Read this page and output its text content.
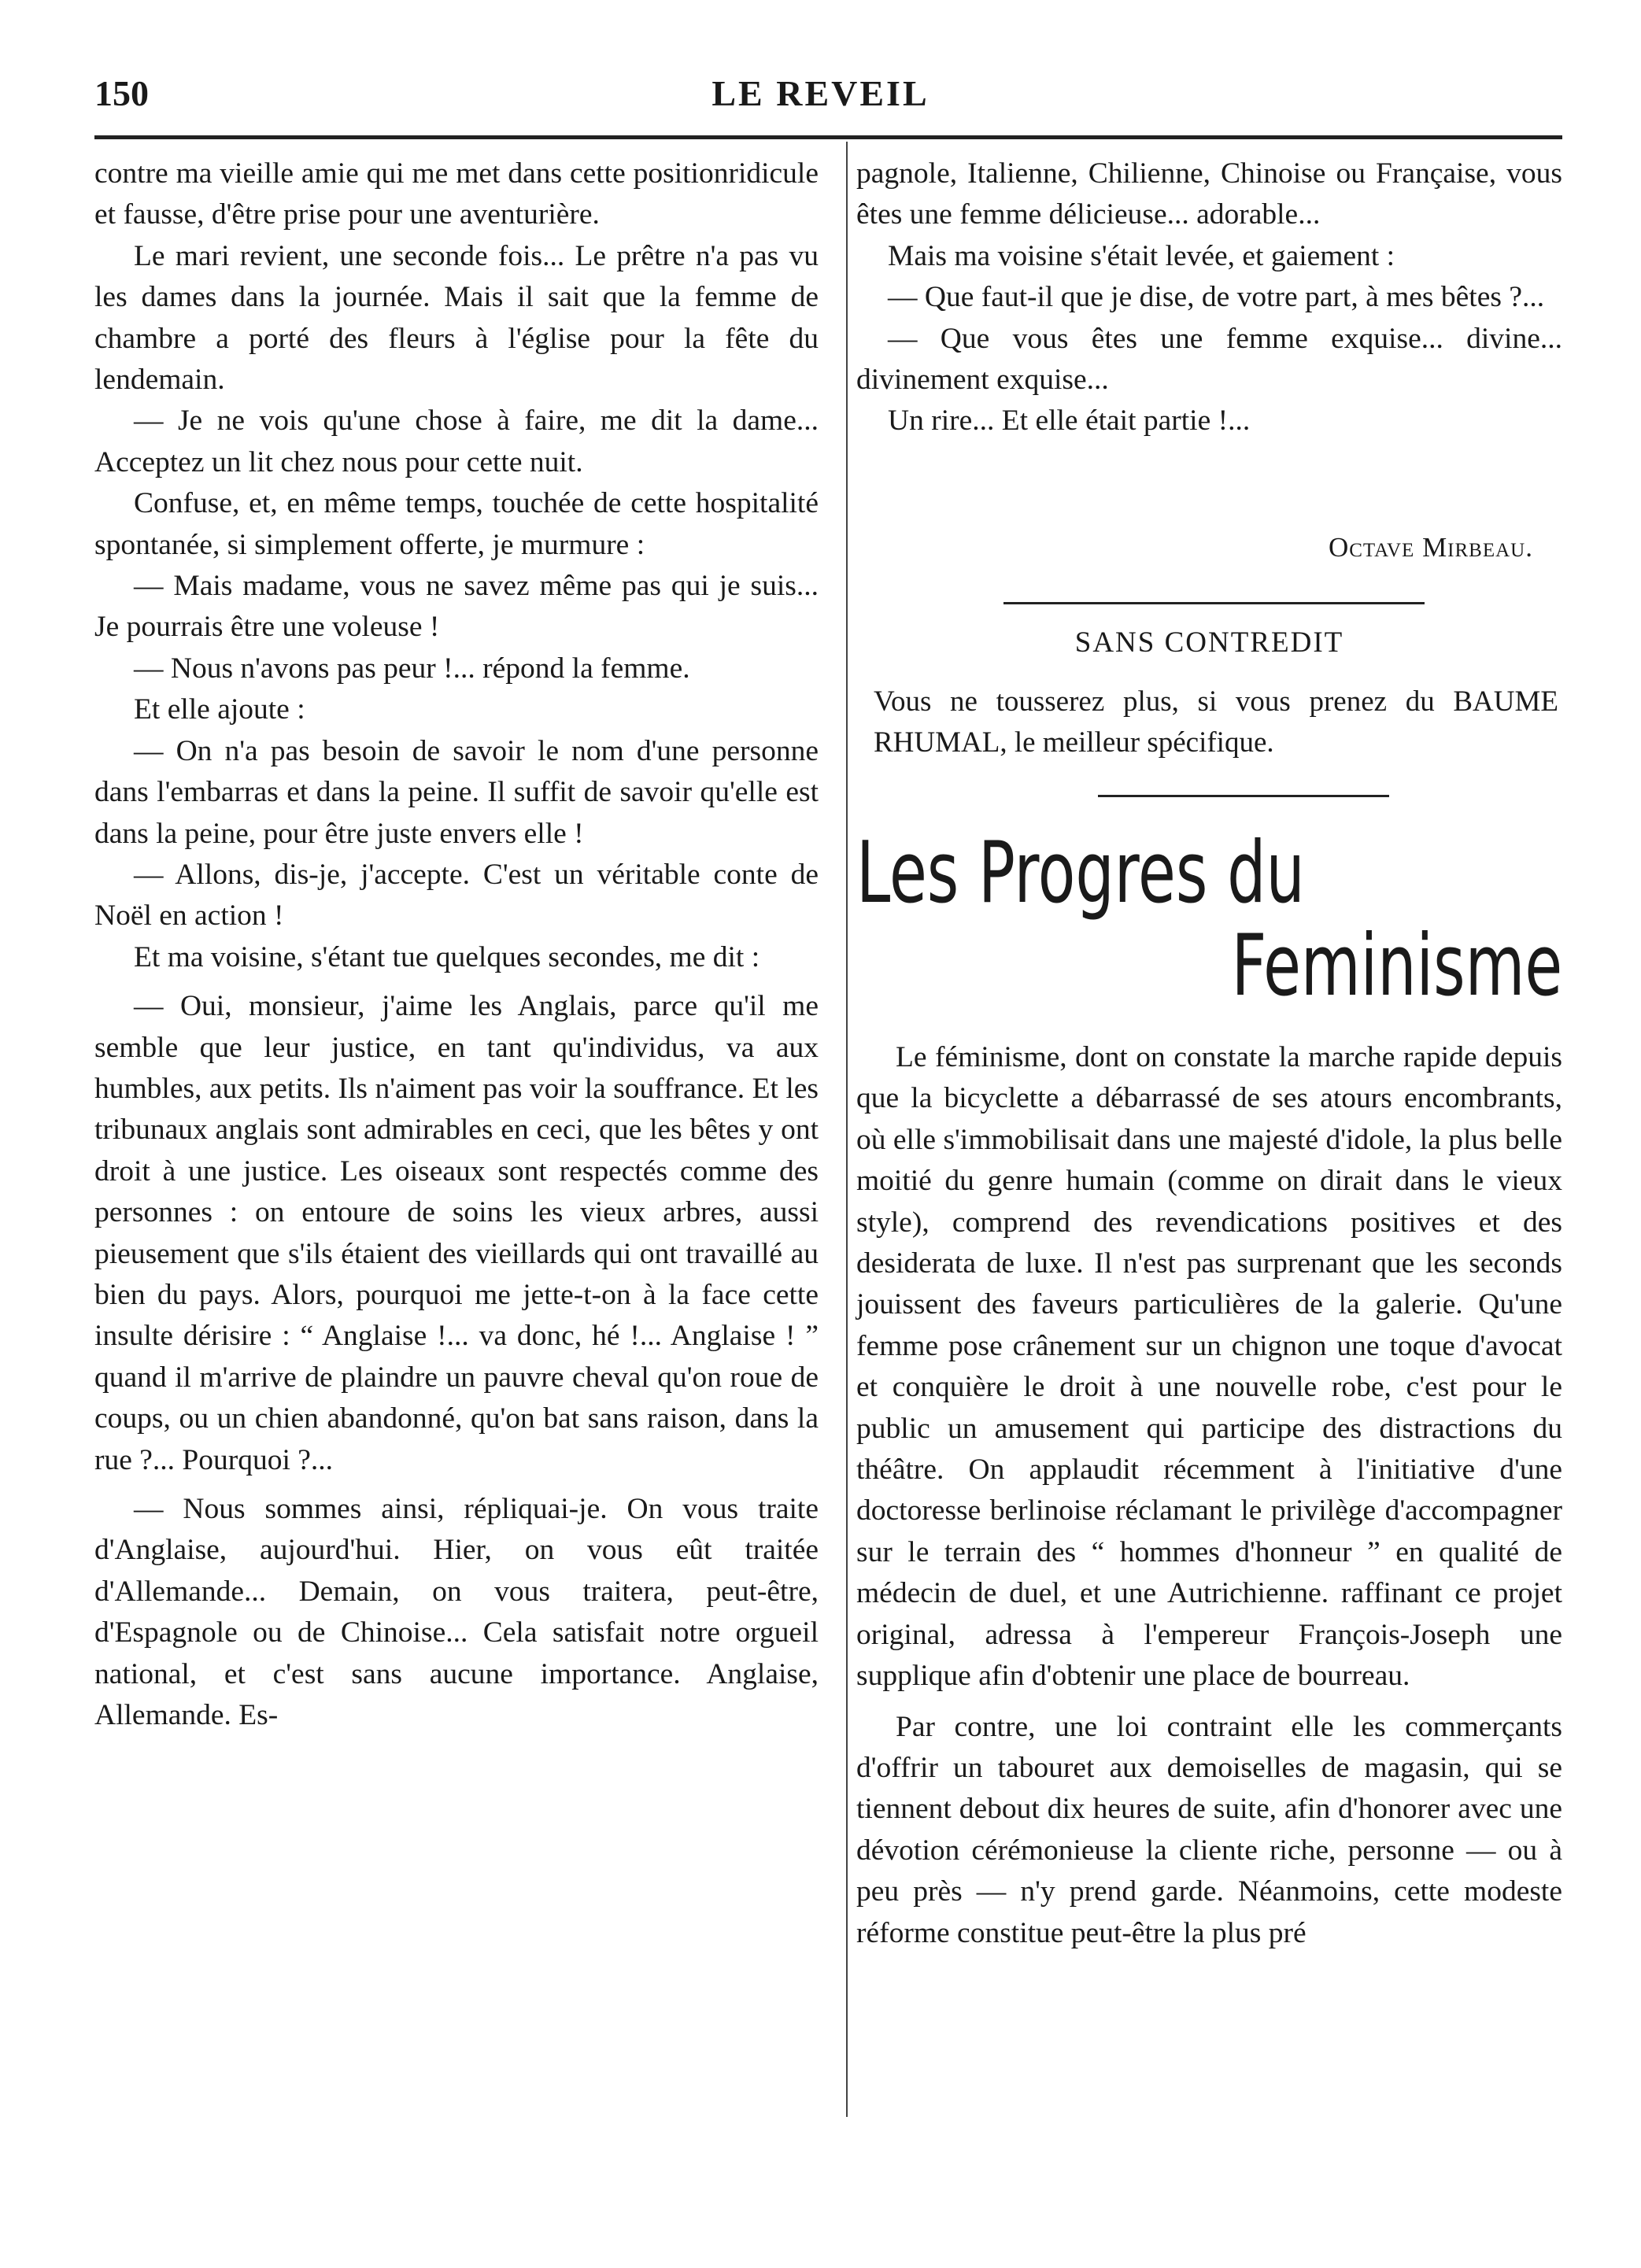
150	LE REVEIL

contre ma vieille amie qui me met dans cette positionridicule et fausse, d'être prise pour une aventurière.

Le mari revient, une seconde fois... Le prêtre n'a pas vu les dames dans la journée. Mais il sait que la femme de chambre a porté des fleurs à l'église pour la fête du lendemain.

— Je ne vois qu'une chose à faire, me dit la dame... Acceptez un lit chez nous pour cette nuit.

Confuse, et, en même temps, touchée de cette hospitalité spontanée, si simplement offerte, je murmure :

— Mais madame, vous ne savez même pas qui je suis... Je pourrais être une voleuse !

— Nous n'avons pas peur !... répond la femme.

Et elle ajoute :

— On n'a pas besoin de savoir le nom d'une personne dans l'embarras et dans la peine. Il suffit de savoir qu'elle est dans la peine, pour être juste envers elle !

— Allons, dis-je, j'accepte. C'est un véritable conte de Noël en action !

Et ma voisine, s'étant tue quelques secondes, me dit :

— Oui, monsieur, j'aime les Anglais, parce qu'il me semble que leur justice, en tant qu'individus, va aux humbles, aux petits. Ils n'aiment pas voir la souffrance. Et les tribunaux anglais sont admirables en ceci, que les bêtes y ont droit à une justice. Les oiseaux sont respectés comme des personnes : on entoure de soins les vieux arbres, aussi pieusement que s'ils étaient des vieillards qui ont travaillé au bien du pays. Alors, pourquoi me jette-t-on à la face cette insulte dérisire : “ Anglaise !... va donc, hé !... Anglaise ! ” quand il m'arrive de plaindre un pauvre cheval qu'on roue de coups, ou un chien abandonné, qu'on bat sans raison, dans la rue ?... Pourquoi ?...

— Nous sommes ainsi, répliquai-je. On vous traite d'Anglaise, aujourd'hui. Hier, on vous eût traitée d'Allemande... Demain, on vous traitera, peut-être, d'Espagnole ou de Chinoise... Cela satisfait notre orgueil national, et c'est sans aucune importance. Anglaise, Allemande. Es-

pagnole, Italienne, Chilienne, Chinoise ou Française, vous êtes une femme délicieuse... adorable...

Mais ma voisine s'était levée, et gaiement :

— Que faut-il que je dise, de votre part, à mes bêtes ?...

— Que vous êtes une femme exquise... divine... divinement exquise...

Un rire... Et elle était partie !...

Octave Mirbeau.
SANS CONTREDIT
Vous ne tousserez plus, si vous prenez du BAUME RHUMAL, le meilleur spécifique.
Les Progres du
Feminisme

Le féminisme, dont on constate la marche rapide depuis que la bicyclette a débarrassé de ses atours encombrants, où elle s'immobilisait dans une majesté d'idole, la plus belle moitié du genre humain (comme on dirait dans le vieux style), comprend des revendications positives et des desiderata de luxe. Il n'est pas surprenant que les seconds jouissent des faveurs particulières de la galerie. Qu'une femme pose crânement sur un chignon une toque d'avocat et conquière le droit à une nouvelle robe, c'est pour le public un amusement qui participe des distractions du théâtre. On applaudit récemment à l'initiative d'une doctoresse berlinoise réclamant le privilège d'accompagner sur le terrain des “ hommes d'honneur ” en qualité de médecin de duel, et une Autrichienne. raffinant ce projet original, adressa à l'empereur François-Joseph une supplique afin d'obtenir une place de bourreau.

Par contre, une loi contraint elle les commerçants d'offrir un tabouret aux demoiselles de magasin, qui se tiennent debout dix heures de suite, afin d'honorer avec une dévotion cérémonieuse la cliente riche, personne — ou à peu près — n'y prend garde. Néanmoins, cette modeste réforme constitue peut-être la plus pré
